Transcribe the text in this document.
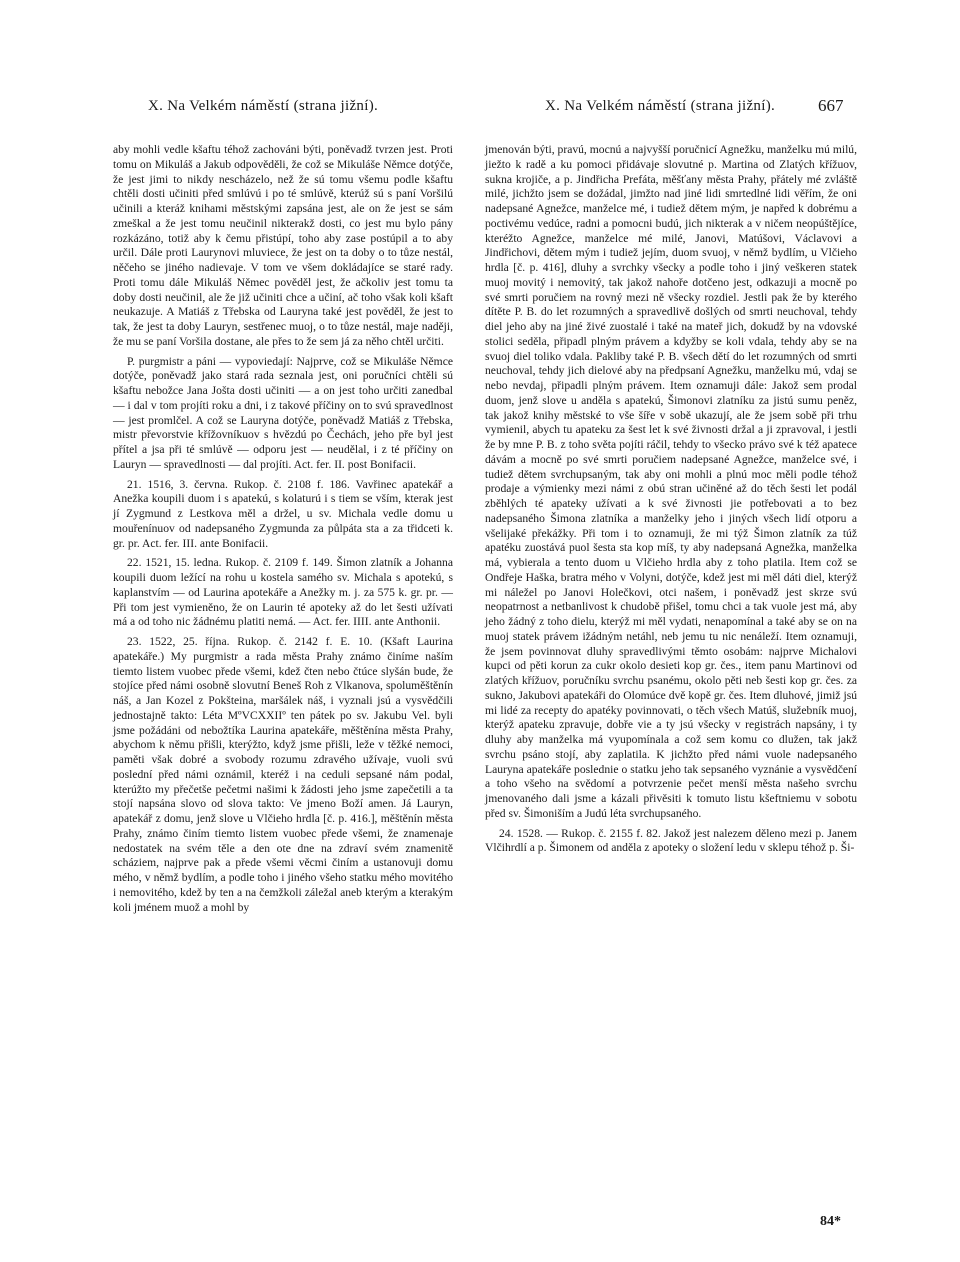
X. Na Velkém náměstí (strana jižní).	X. Na Velkém náměstí (strana jižní).	667

aby mohli vedle kšaftu téhož zachováni býti, poněvadž tvrzen jest. Proti tomu on Mikuláš a Jakub odpověděli, že což se Mikuláše Němce dotýče, že jest jimi to nikdy nescházelo, než že sú tomu všemu podle kšaftu chtěli dosti učiniti před smlúvú i po té smlúvě, kterúž sú s paní Voršilú učinili a kteráž knihami městskými zapsána jest, ale on že jest se sám zmeškal a že jest tomu neučinil nikterakž dosti, co jest mu bylo pány rozkázáno, totiž aby k čemu přistúpí, toho aby zase postúpil a to aby určil. Dále proti Laurynovi mluviece, že jest on ta doby o to tůze nestál, něčeho se jiného nadievaje. V tom ve všem dokládajíce se staré rady. Proti tomu dále Mikuláš Němec pověděl jest, že ačkoliv jest tomu ta doby dosti neučinil, ale že již učiniti chce a učiní, ač toho však koli kšaft neukazuje. A Matiáš z Třebska od Lauryna také jest pověděl, že jest to tak, že jest ta doby Lauryn, sestřenec muoj, o to tůze nestál, maje naději, že mu se paní Voršila dostane, ale přes to že sem já za něho chtěl určiti.

P. purgmistr a páni — vypoviedají: Najprve, což se Mikuláše Němce dotýče, poněvadž jako stará rada seznala jest, oni poručníci chtěli sú kšaftu nebožce Jana Jošta dosti učiniti — a on jest toho určiti zanedbal — i dal v tom projíti roku a dni, i z takové příčiny on to svú spravedlnost — jest promlčel. A což se Lauryna dotýče, poněvadž Matiáš z Třebska, mistr převorstvie křížovníkuov s hvězdú po Čechách, jeho pře byl jest přítel a jsa při té smlúvě — odporu jest — neudělal, i z té příčiny on Lauryn — spravedlnosti — dal projíti. Act. fer. II. post Bonifacii.

21. 1516, 3. června. Rukop. č. 2108 f. 186. Vavřinec apatekář a Anežka koupili duom i s apatekú, s kolaturú i s tiem se vším, kterak jest jí Zygmund z Lestkova měl a držel, u sv. Michala vedle domu u mouřenínuov od nadepsaného Zygmunda za půlpáta sta a za třidceti k. gr. pr. Act. fer. III. ante Bonifacii.

22. 1521, 15. ledna. Rukop. č. 2109 f. 149. Šimon zlatník a Johanna koupili duom ležící na rohu u kostela samého sv. Michala s apotekú, s kaplanstvím — od Laurina apotekáře a Anežky m. j. za 575 k. gr. pr. — Při tom jest vymieněno, že on Laurin té apoteky až do let šesti užívati má a od toho nic žádnému platiti nemá. — Act. fer. IIII. ante Anthonii.

23. 1522, 25. října. Rukop. č. 2142 f. E. 10. (Kšaft Laurina apatekáře.) My purgmistr a rada města Prahy známo činíme naším tiemto listem vuobec přede všemi, kdež čten nebo čtúce slyšán bude, že stojíce před námi osobně slovutní Beneš Roh z Vlkanova, spoluměštěnín náš, a Jan Kozel z Pokšteina, maršálek náš, i vyznali jsú a vysvědčili jednostajně takto: Léta MºVCXXIIº ten pátek po sv. Jakubu Vel. byli jsme požádáni od nebožtíka Laurina apatekáře, měštěnína města Prahy, abychom k němu přišli, kterýžto, když jsme přišli, leže v těžké nemoci, paměti však dobré a svobody rozumu zdravého užívaje, vuoli svú poslední před námi oznámil, kteréž i na ceduli sepsané nám podal, kterúžto my přečetše pečetmi našimi k žádosti jeho jsme zapečetili a ta stojí napsána slovo od slova takto: Ve jmeno Boží amen. Já Lauryn, apatekář z domu, jenž slove u Vlčieho hrdla [č. p. 416.], měštěnín města Prahy, známo činím tiemto listem vuobec přede všemi, že znamenaje nedostatek na svém těle a den ote dne na zdraví svém znamenitě scháziem, najprve pak a přede všemi věcmi činím a ustanovuji domu mého, v němž bydlím, a podle toho i jiného všeho statku mého movitého i nemovitého, kdež by ten a na čemžkoli záležal aneb kterým a kterakým koli jménem muož a mohl by

jmenován býti, pravú, mocnú a najvyšší poručnicí Agnežku, manželku mú milú, jiežto k radě a ku pomoci přidávaje slovutné p. Martina od Zlatých křížuov, sukna krojiče, a p. Jindřicha Prefáta, měšťany města Prahy, přátely mé zvláště milé, jichžto jsem se dožádal, jimžto nad jiné lidi smrtedlné lidi věřím, že oni nadepsané Agnežce, manželce mé, i tudiež dětem mým, je napřed k dobrému a poctivému vedúce, radni a pomocni budú, jich nikterak a v ničem neopúštějíce, kteréžto Agnežce, manželce mé milé, Janovi, Matúšovi, Václavovi a Jindřichovi, dětem mým i tudiež jejím, duom svuoj, v němž bydlím, u Vlčieho hrdla [č. p. 416], dluhy a svrchky všecky a podle toho i jiný veškeren statek muoj movitý i nemovitý, tak jakož nahoře dotčeno jest, odkazuji a mocně po své smrti poručiem na rovný mezi ně všecky rozdiel. Jestli pak že by kterého dítěte P. B. do let rozumných a spravedlivě došlých od smrti neuchoval, tehdy diel jeho aby na jiné živé zuostalé i také na mateř jich, dokudž by na vdovské stolici seděla, připadl plným právem a kdyžby se koli vdala, tehdy aby se na svuoj diel toliko vdala. Pakliby také P. B. všech dětí do let rozumných od smrti neuchoval, tehdy jich dielové aby na předpsaní Agnežku, manželku mú, vdaj se nebo nevdaj, připadli plným právem. Item oznamuji dále: Jakož sem prodal duom, jenž slove u anděla s apatekú, Šimonovi zlatníku za jistú sumu peněz, tak jakož knihy městské to vše šíře v sobě ukazují, ale že jsem sobě při trhu vymienil, abych tu apateku za šest let k své živnosti držal a ji zpravoval, i jestli že by mne P. B. z toho světa pojíti ráčil, tehdy to všecko právo své k též apatece dávám a mocně po své smrti poručiem nadepsané Agnežce, manželce své, i tudiež dětem svrchupsaným, tak aby oni mohli a plnú moc měli podle téhož prodaje a výmienky mezi námi z obú stran učiněné až do těch šesti let podál zběhlých té apateky užívati a k své živnosti jie potřebovati a to bez nadepsaného Šimona zlatníka a manželky jeho i jiných všech lidí otporu a všelijaké překážky. Při tom i to oznamuji, že mi týž Šimon zlatník za túž apatéku zuostává puol šesta sta kop míš, ty aby nadepsaná Agnežka, manželka má, vybierala a tento duom u Vlčieho hrdla aby z toho platila. Item což se Ondřeje Haška, bratra mého v Volyni, dotýče, kdež jest mi měl dáti diel, kterýž mi náležel po Janovi Holečkovi, otci našem, i poněvadž jest skrze svú neopatrnost a netbanlivost k chudobě přišel, tomu chci a tak vuole jest má, aby jeho žádný z toho dielu, kterýž mi měl vydati, nenapomínal a také aby se on na muoj statek právem ižádným netáhl, neb jemu tu nic nenáleží. Item oznamuji, že jsem povinnovat dluhy spravedlivými těmto osobám: najprve Michalovi kupci od pěti korun za cukr okolo desieti kop gr. čes., item panu Martinovi od zlatých křížuov, poručníku svrchu psanému, okolo pěti neb šesti kop gr. čes. za sukno, Jakubovi apatekáři do Olomúce dvě kopě gr. čes. Item dluhové, jimiž jsú mi lidé za recepty do apatéky povinnovati, o těch všech Matúš, služebník muoj, kterýž apateku zpravuje, dobře vie a ty jsú všecky v registrách napsány, i ty dluhy aby manželka má vyupomínala a což sem komu co dlužen, tak jakž svrchu psáno stojí, aby zaplatila. K jichžto před námi vuole nadepsaného Lauryna apatekáře poslednie o statku jeho tak sepsaného vyznánie a vysvědčení a toho všeho na svědomí a potvrzenie pečet menší města našeho svrchu jmenovaného dali jsme a kázali přivěsiti k tomuto listu kšeftniemu v sobotu před sv. Šimoniším a Judú léta svrchupsaného.

24. 1528. — Rukop. č. 2155 f. 82. Jakož jest nalezem děleno mezi p. Janem Vlčihrdlí a p. Šimonem od anděla z apoteky o složení ledu v sklepu téhož p. Ši-

84*
